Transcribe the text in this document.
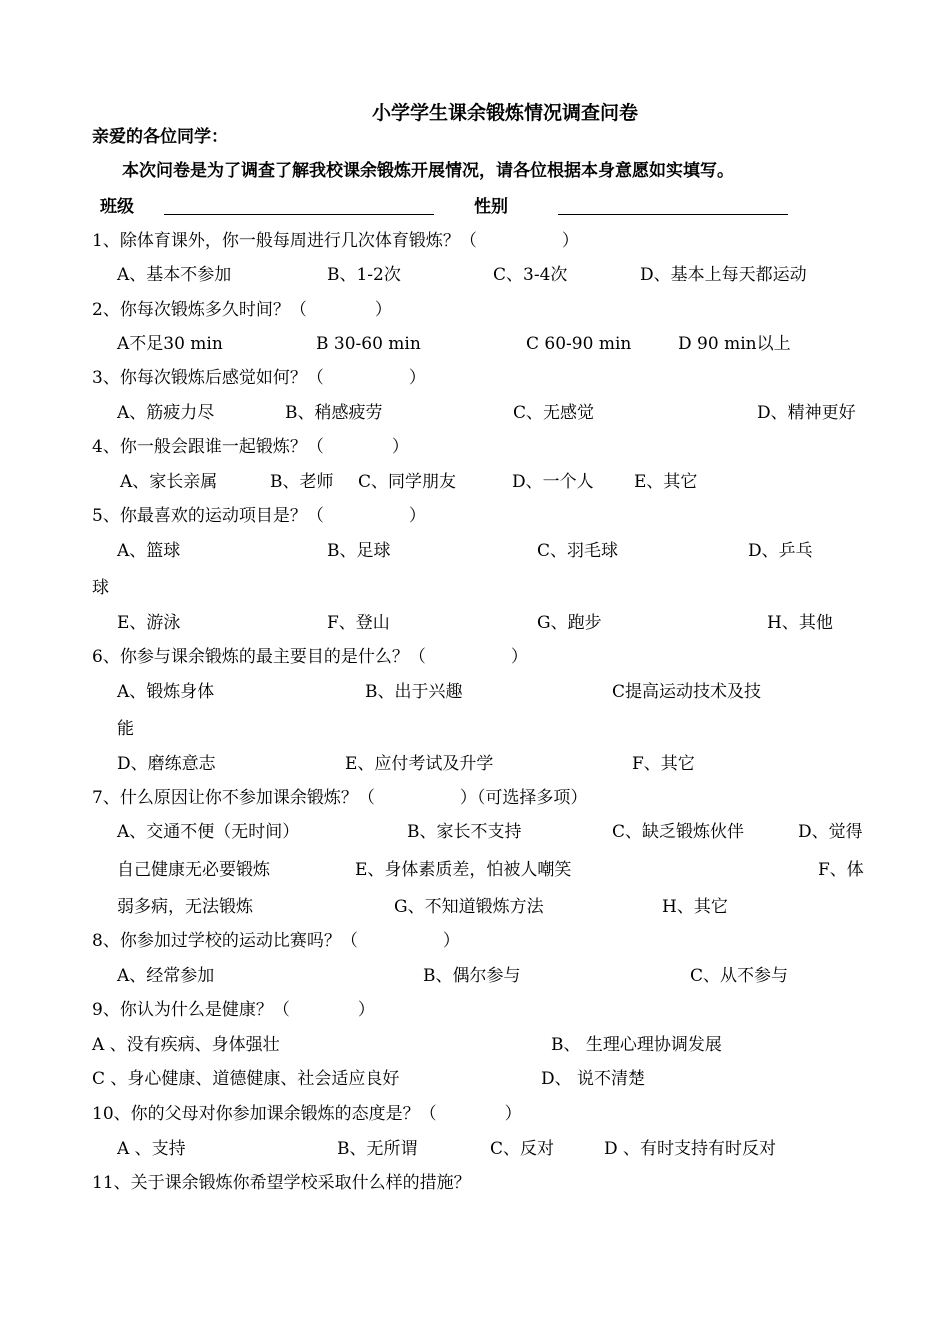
小学学生课余锻炼情况调查问卷
亲爱的各位同学：
本次问卷是为了调查了解我校课余锻炼开展情况，请各位根据本身意愿如实填写。
班级	性别
1、除体育课外，你一般每周进行几次体育锻炼？（　　　　　）
A、基本不参加	B、1-2次	C、3-4次	D、基本上每天都运动
2、你每次锻炼多久时间？（　　　　）
A不足30 min	B 30-60 min	C 60-90 min	D 90 min以上
3、你每次锻炼后感觉如何？（　　　　　）
A、筋疲力尽	B、稍感疲劳	C、无感觉	D、精神更好
4、你一般会跟谁一起锻炼？（　　　　）
A、家长亲属	B、老师 C、同学朋友	D、一个人 E、其它
5、你最喜欢的运动项目是？（　　　　　）
A、篮球	B、足球	C、羽毛球	D、乒乓
球
E、游泳	F、登山	G、跑步	H、其他
6、你参与课余锻炼的最主要目的是什么？（　　　　　）
A、锻炼身体	B、出于兴趣	C提高运动技术及技
能
D、磨练意志	E、应付考试及升学	F、其它
7、什么原因让你不参加课余锻炼？（　　　　　）（可选择多项）
A、交通不便（无时间）	B、家长不支持	C、缺乏锻炼伙伴	D、觉得
自己健康无必要锻炼	E、身体素质差，怕被人嘲笑	F、体
弱多病，无法锻炼	G、不知道锻炼方法	H、其它
8、你参加过学校的运动比赛吗？（　　　　　）
A、经常参加	B、偶尔参与	C、从不参与
9、你认为什么是健康？（　　　　）
A 、没有疾病、身体强壮	B、 生理心理协调发展
C 、身心健康、道德健康、社会适应良好	D、 说不清楚
10、你的父母对你参加课余锻炼的态度是？（　　　　）
A 、支持	B、无所谓	C、反对	D 、有时支持有时反对
11、关于课余锻炼你希望学校采取什么样的措施？
